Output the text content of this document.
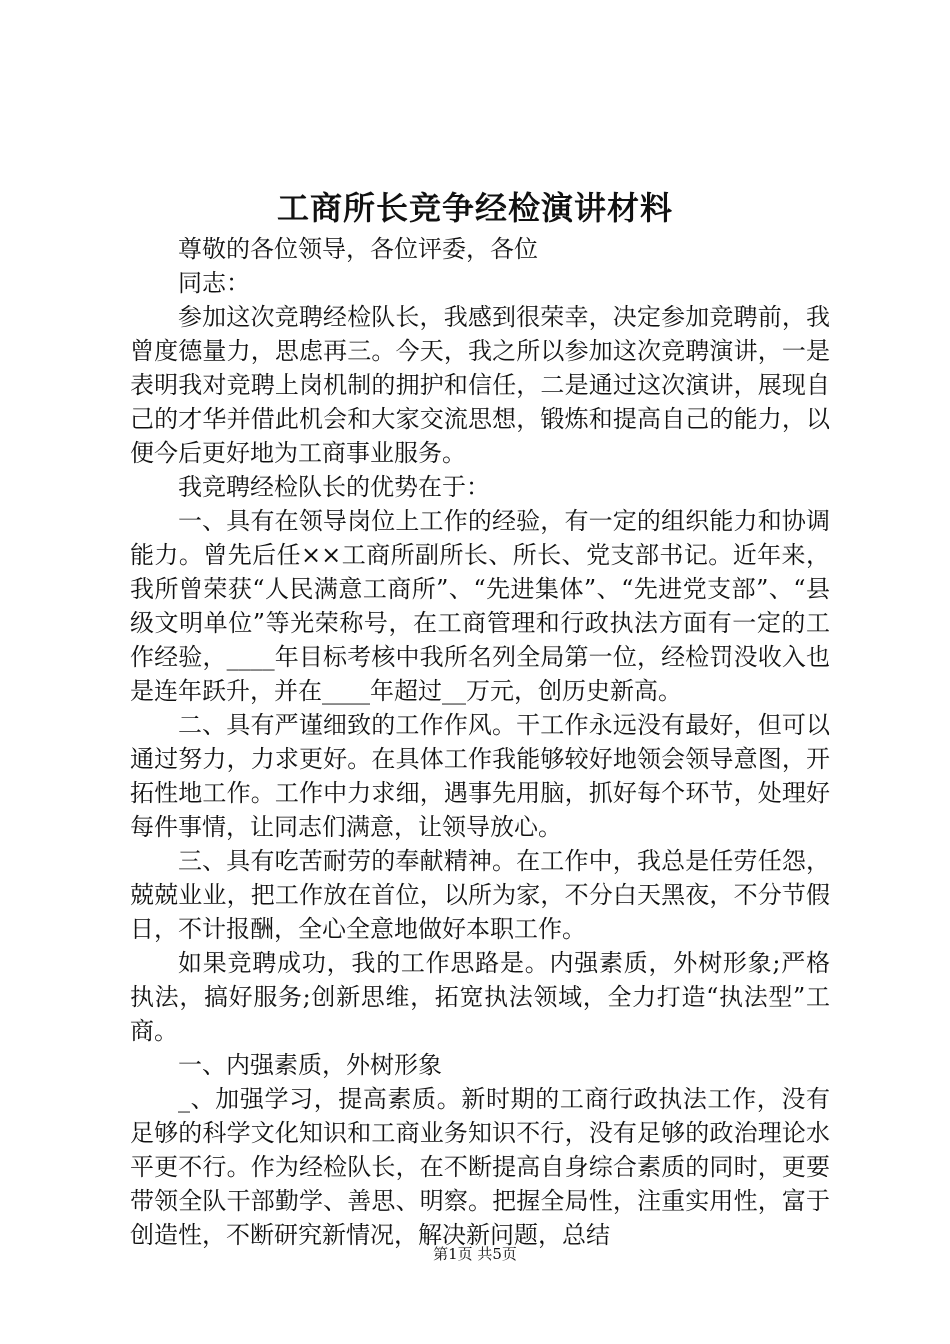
工商所长竞争经检演讲材料

尊敬的各位领导，各位评委，各位

同志：

参加这次竞聘经检队长，我感到很荣幸，决定参加竞聘前，我曾度德量力，思虑再三。今天，我之所以参加这次竞聘演讲，一是表明我对竞聘上岗机制的拥护和信任，二是通过这次演讲，展现自己的才华并借此机会和大家交流思想，锻炼和提高自己的能力，以便今后更好地为工商事业服务。

我竞聘经检队长的优势在于：

一、具有在领导岗位上工作的经验，有一定的组织能力和协调能力。曾先后任××工商所副所长、所长、党支部书记。近年来，我所曾荣获“人民满意工商所”、“先进集体”、“先进党支部”、“县级文明单位”等光荣称号，在工商管理和行政执法方面有一定的工作经验，____年目标考核中我所名列全局第一位，经检罚没收入也是连年跃升，并在____年超过__万元，创历史新高。

二、具有严谨细致的工作作风。干工作永远没有最好，但可以通过努力，力求更好。在具体工作我能够较好地领会领导意图，开拓性地工作。工作中力求细，遇事先用脑，抓好每个环节，处理好每件事情，让同志们满意，让领导放心。

三、具有吃苦耐劳的奉献精神。在工作中，我总是任劳任怨，兢兢业业，把工作放在首位，以所为家，不分白天黑夜，不分节假日，不计报酬，全心全意地做好本职工作。

如果竞聘成功，我的工作思路是。内强素质，外树形象;严格执法，搞好服务;创新思维，拓宽执法领域，全力打造“执法型”工商。

一、内强素质，外树形象

_、加强学习，提高素质。新时期的工商行政执法工作，没有足够的科学文化知识和工商业务知识不行，没有足够的政治理论水平更不行。作为经检队长，在不断提高自身综合素质的同时，更要带领全队干部勤学、善思、明察。把握全局性，注重实用性，富于创造性，不断研究新情况，解决新问题，总结

第1页 共5页
